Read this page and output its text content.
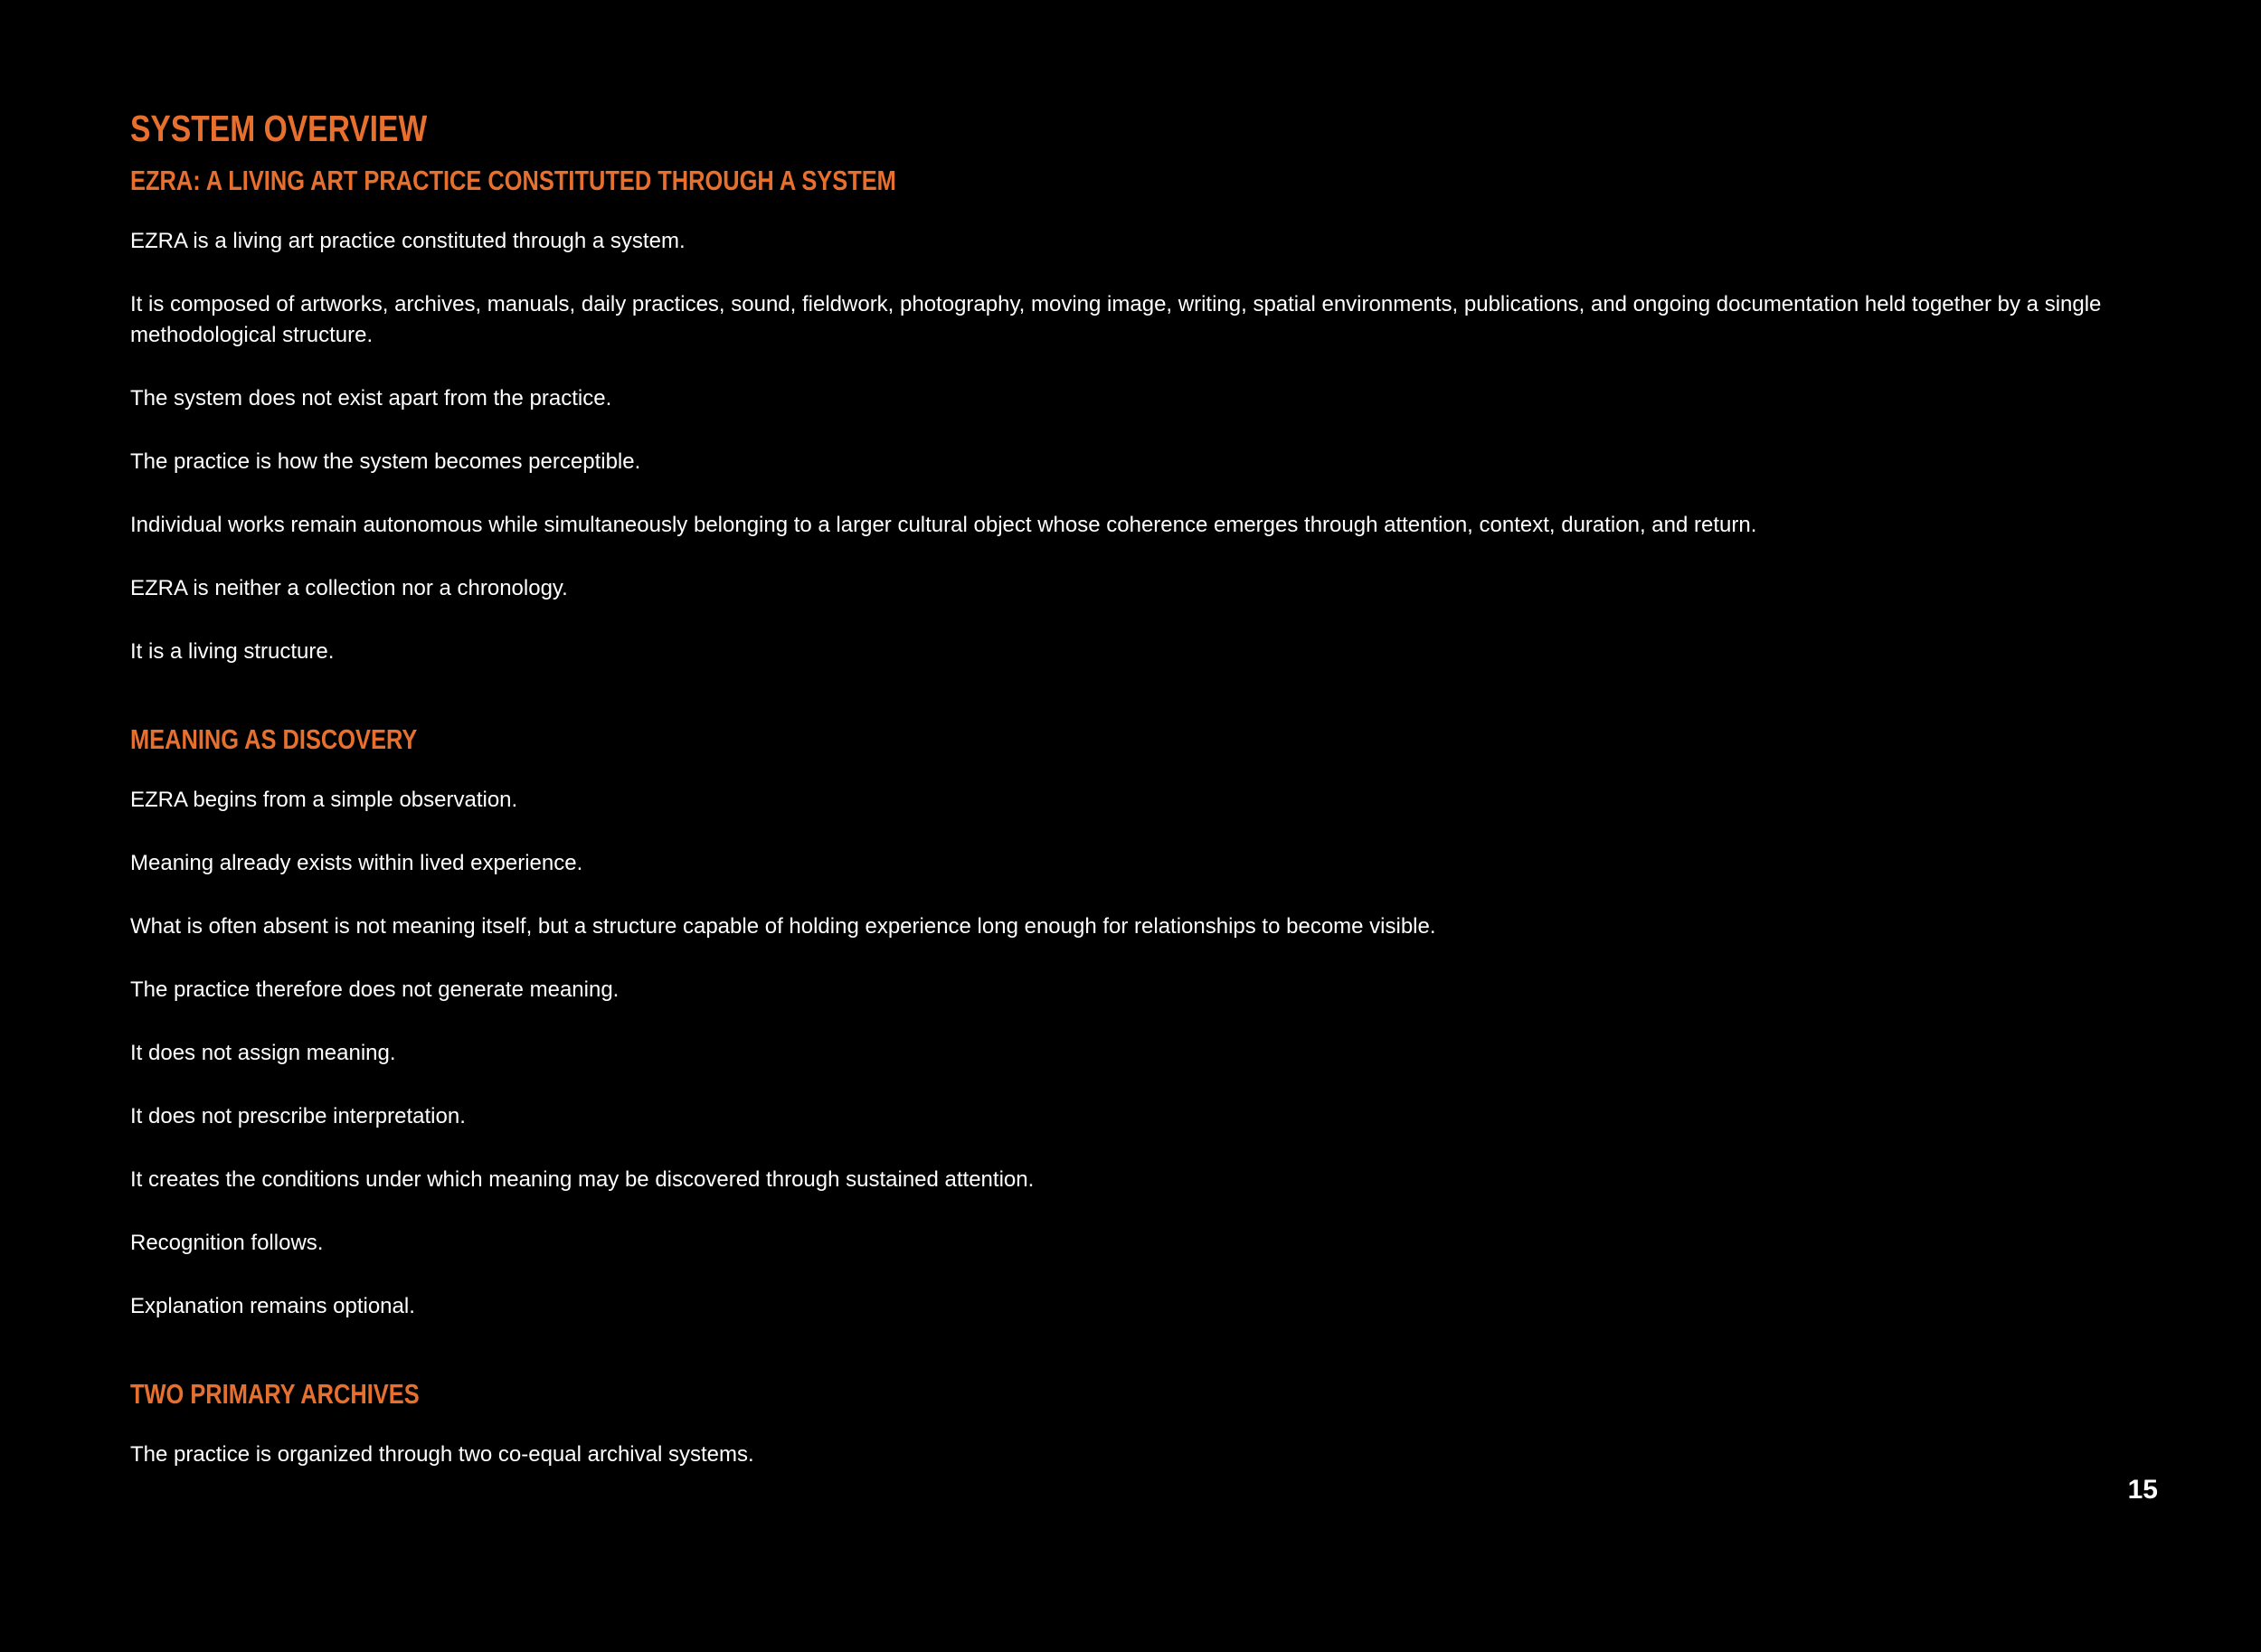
SYSTEM OVERVIEW
EZRA: A LIVING ART PRACTICE CONSTITUTED THROUGH A SYSTEM

EZRA is a living art practice constituted through a system.

It is composed of artworks, archives, manuals, daily practices, sound, fieldwork, photography, moving image, writing, spatial environments, publications, and ongoing documentation held together by a single methodological structure.

The system does not exist apart from the practice.

The practice is how the system becomes perceptible.

Individual works remain autonomous while simultaneously belonging to a larger cultural object whose coherence emerges through attention, context, duration, and return.

EZRA is neither a collection nor a chronology.

It is a living structure.

MEANING AS DISCOVERY

EZRA begins from a simple observation.

Meaning already exists within lived experience.

What is often absent is not meaning itself, but a structure capable of holding experience long enough for relationships to become visible.

The practice therefore does not generate meaning.

It does not assign meaning.

It does not prescribe interpretation.

It creates the conditions under which meaning may be discovered through sustained attention.

Recognition follows.

Explanation remains optional.

TWO PRIMARY ARCHIVES

The practice is organized through two co-equal archival systems.

15
